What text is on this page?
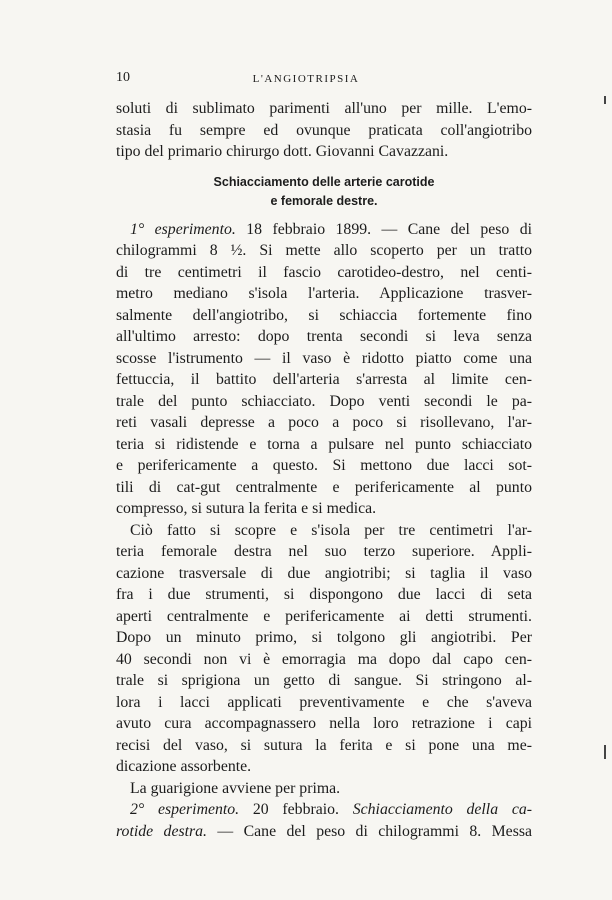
10	L'ANGIOTRIPSIA
soluti di sublimato parimenti all'uno per mille. L'emo-
stasia fu sempre ed ovunque praticata coll'angiotribo
tipo del primario chirurgo dott. Giovanni Cavazzani.
Schiacciamento delle arterie carotide
e femorale destre.
1° esperimento. 18 febbraio 1899. — Cane del peso di
chilogrammi 8 ½. Si mette allo scoperto per un tratto
di tre centimetri il fascio carotideo-destro, nel centi-
metro mediano s'isola l'arteria. Applicazione trasver-
salmente dell'angiotribo, si schiaccia fortemente fino
all'ultimo arresto: dopo trenta secondi si leva senza
scosse l'istrumento — il vaso è ridotto piatto come una
fettuccia, il battito dell'arteria s'arresta al limite cen-
trale del punto schiacciato. Dopo venti secondi le pa-
reti vasali depresse a poco a poco si risollevano, l'ar-
teria si ridistende e torna a pulsare nel punto schiacciato
e perifericamente a questo. Si mettono due lacci sot-
tili di cat-gut centralmente e perifericamente al punto
compresso, si sutura la ferita e si medica.
Ciò fatto si scopre e s'isola per tre centimetri l'ar-
teria femorale destra nel suo terzo superiore. Appli-
cazione trasversale di due angiotribi; si taglia il vaso
fra i due strumenti, si dispongono due lacci di seta
aperti centralmente e perifericamente ai detti strumenti.
Dopo un minuto primo, si tolgono gli angiotribi. Per
40 secondi non vi è emorragia ma dopo dal capo cen-
trale si sprigiona un getto di sangue. Si stringono al-
lora i lacci applicati preventivamente e che s'aveva
avuto cura accompagnassero nella loro retrazione i capi
recisi del vaso, si sutura la ferita e si pone una me-
dicazione assorbente.
La guarigione avviene per prima.
2° esperimento. 20 febbraio. Schiacciamento della ca-
rotide destra. — Cane del peso di chilogrammi 8. Messa
